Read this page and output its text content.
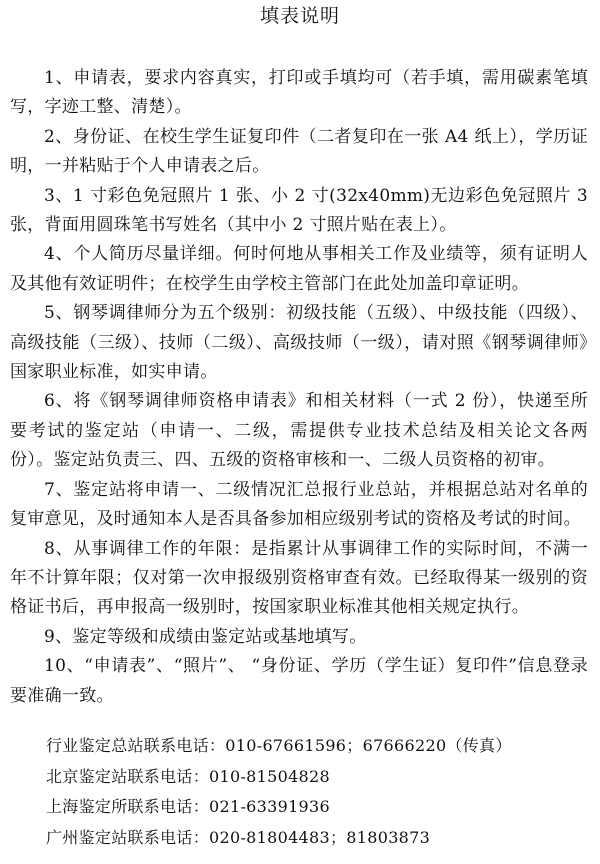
填表说明

1、申请表，要求内容真实，打印或手填均可（若手填，需用碳素笔填写，字迹工整、清楚）。

2、身份证、在校生学生证复印件（二者复印在一张 A4 纸上），学历证明，一并粘贴于个人申请表之后。

3、1 寸彩色免冠照片 1 张、小 2 寸(32x40mm)无边彩色免冠照片 3 张，背面用圆珠笔书写姓名（其中小 2 寸照片贴在表上）。

4、个人简历尽量详细。何时何地从事相关工作及业绩等，须有证明人及其他有效证明件；在校学生由学校主管部门在此处加盖印章证明。

5、钢琴调律师分为五个级别：初级技能（五级）、中级技能（四级）、高级技能（三级）、技师（二级）、高级技师（一级），请对照《钢琴调律师》国家职业标准，如实申请。

6、将《钢琴调律师资格申请表》和相关材料（一式 2 份），快递至所要考试的鉴定站（申请一、二级，需提供专业技术总结及相关论文各两份）。鉴定站负责三、四、五级的资格审核和一、二级人员资格的初审。

7、鉴定站将申请一、二级情况汇总报行业总站，并根据总站对名单的复审意见，及时通知本人是否具备参加相应级别考试的资格及考试的时间。

8、从事调律工作的年限：是指累计从事调律工作的实际时间，不满一年不计算年限；仅对第一次申报级别资格审查有效。已经取得某一级别的资格证书后，再申报高一级别时，按国家职业标准其他相关规定执行。

9、鉴定等级和成绩由鉴定站或基地填写。

10、“申请表”、“照片”、 “身份证、学历（学生证）复印件”信息登录要准确一致。

行业鉴定总站联系电话：010-67661596；67666220（传真）

北京鉴定站联系电话：010-81504828

上海鉴定所联系电话：021-63391936

广州鉴定站联系电话：020-81804483；81803873
